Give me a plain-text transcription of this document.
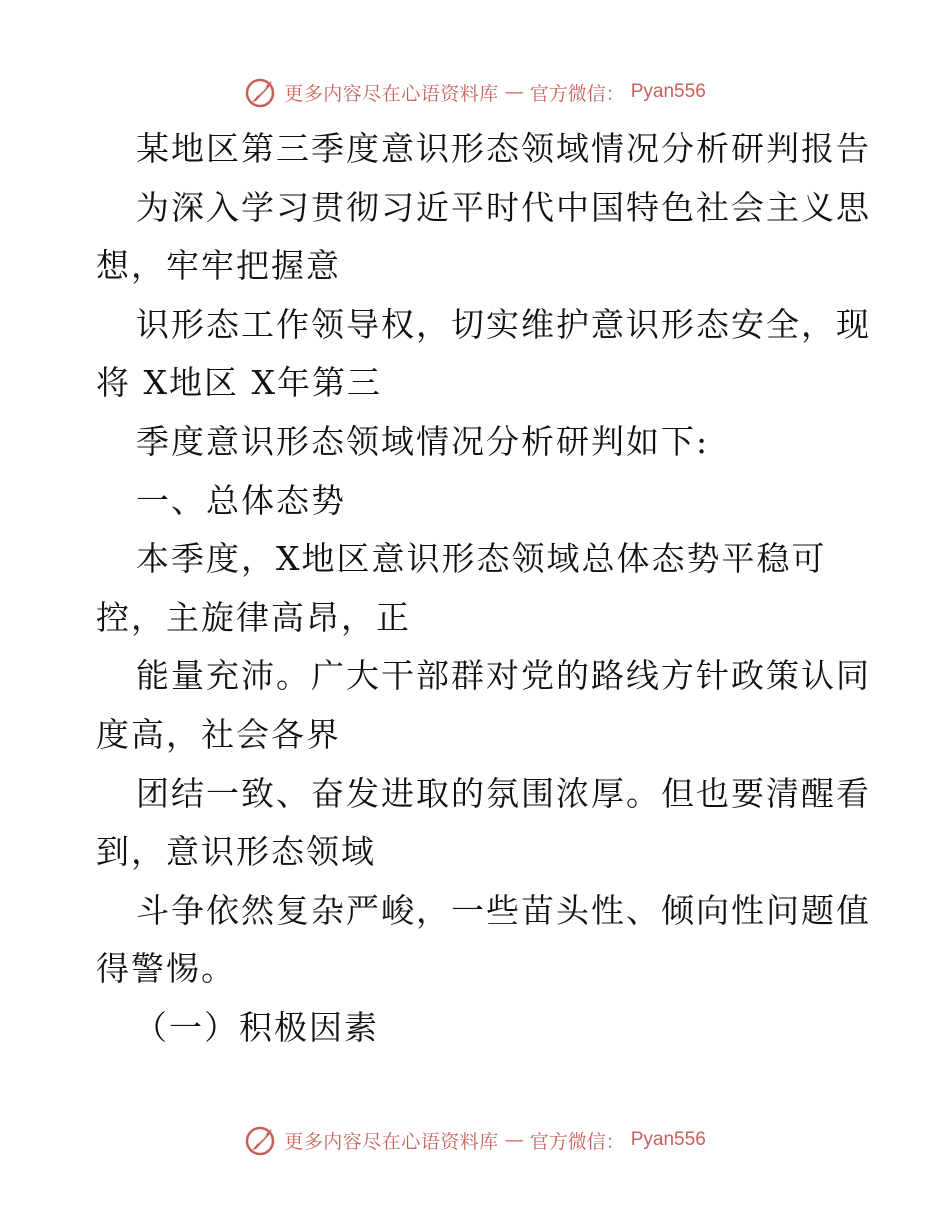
更多内容尽在心语资料库 — 官方微信： Pyan556
某地区第三季度意识形态领域情况分析研判报告
为深入学习贯彻习近平时代中国特色社会主义思
想，牢牢把握意
识形态工作领导权，切实维护意识形态安全，现
将 X地区 X年第三
季度意识形态领域情况分析研判如下:
一、总体态势
本季度，X地区意识形态领域总体态势平稳可
控，主旋律高昂，正
能量充沛。广大干部群对党的路线方针政策认同
度高，社会各界
团结一致、奋发进取的氛围浓厚。但也要清醒看
到，意识形态领域
斗争依然复杂严峻，一些苗头性、倾向性问题值
得警惕。
（一）积极因素
更多内容尽在心语资料库 — 官方微信： Pyan556
